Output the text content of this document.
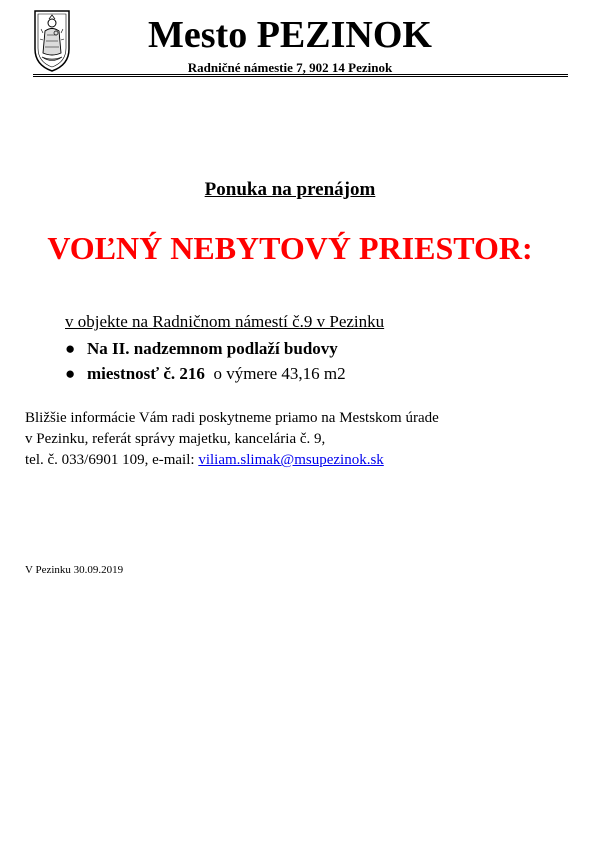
Mesto PEZINOK
Radničné námestie 7, 902 14 Pezinok
Ponuka na prenájom
VOĽNÝ NEBYTOVÝ PRIESTOR:
v objekte na Radničnom námestí č.9 v Pezinku
● Na II. nadzemnom podlaží budovy
● miestnosť č. 216 o výmere 43,16 m2
Bližšie informácie Vám radi poskytneme priamo na Mestskom úrade
v Pezinku, referát správy majetku, kancelária č. 9,
tel. č. 033/6901 109, e-mail: viliam.slimak@msupezinok.sk
V Pezinku 30.09.2019
